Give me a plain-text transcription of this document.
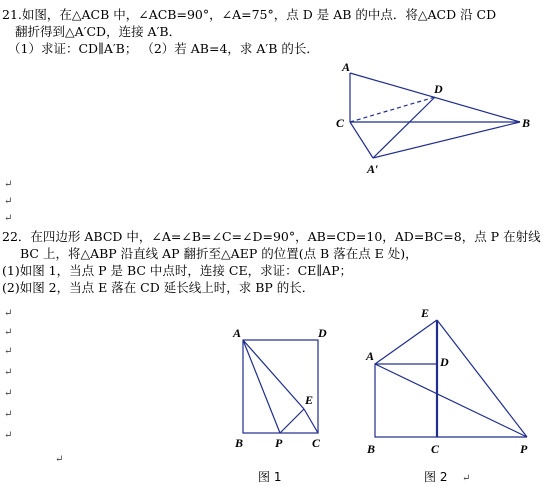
21.如图，在△ACB 中，∠ACB=90°，∠A=75°，点 D 是 AB 的中点．将△ACD 沿 CD
翻折得到△A′CD，连接 A′B．
（1）求证：CD∥A′B； （2）若 AB=4，求 A′B 的长．
↵
↵
↵
22．在四边形 ABCD 中，∠A=∠B=∠C=∠D=90°，AB=CD=10，AD=BC=8，点 P 在射线
BC 上，将△ABP 沿直线 AP 翻折至△AEP 的位置(点 B 落在点 E 处)，
(1)如图 1，当点 P 是 BC 中点时，连接 CE，求证：CE∥AP；
(2)如图 2，当点 E 落在 CD 延长线上时，求 BP 的长．
↵
↵
↵
↵
↵
↵
↵
↵
↵
A
D
C	B
A′
A	D
E
B	P C
E
A	D
B	C	P
图 1	图 2
